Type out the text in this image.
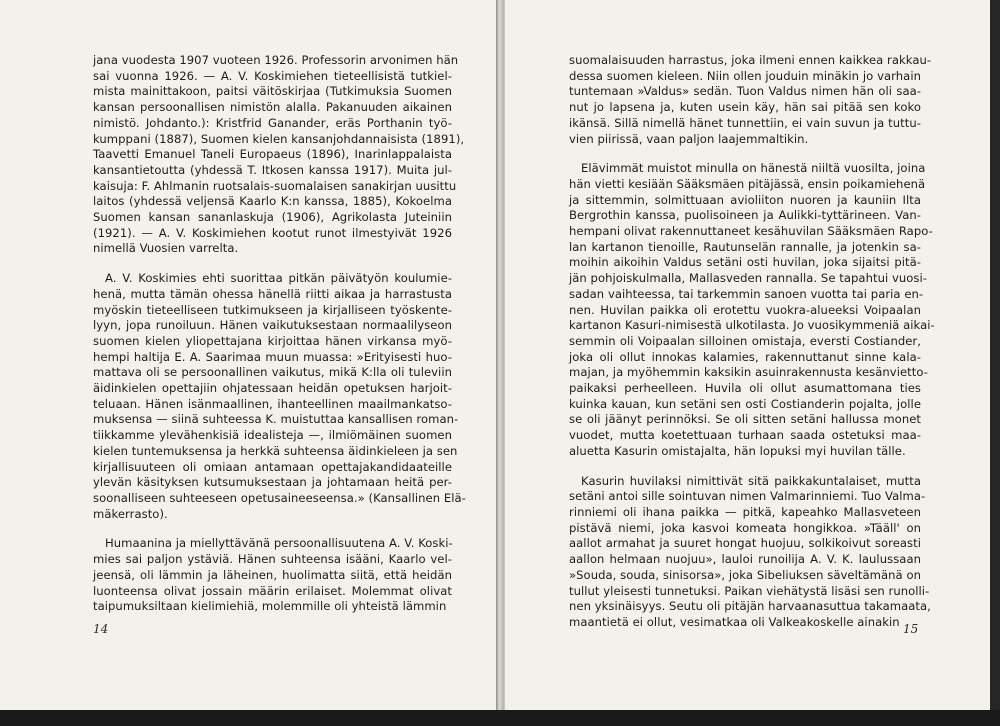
jana vuodesta 1907 vuoteen 1926. Professorin arvonimen hän
sai vuonna 1926. — A. V. Koskimiehen tieteellisistä tutkiel-
mista mainittakoon, paitsi väitöskirjaa (Tutkimuksia Suomen
kansan persoonallisen nimistön alalla. Pakanuuden aikainen
nimistö. Johdanto.): Kristfrid Ganander, eräs Porthanin työ-
kumppani (1887), Suomen kielen kansanjohdannaisista (1891),
Taavetti Emanuel Taneli Europaeus (1896), Inarinlappalaista
kansantietoutta (yhdessä T. Itkosen kanssa 1917). Muita jul-
kaisuja: F. Ahlmanin ruotsalais-suomalaisen sanakirjan uusittu
laitos (yhdessä veljensä Kaarlo K:n kanssa, 1885), Kokoelma
Suomen kansan sananlaskuja (1906), Agrikolasta Juteiniin
(1921). — A. V. Koskimiehen kootut runot ilmestyivät 1926
nimellä Vuosien varrelta.
A. V. Koskimies ehti suorittaa pitkän päivätyön koulumie-
henä, mutta tämän ohessa hänellä riitti aikaa ja harrastusta
myöskin tieteelliseen tutkimukseen ja kirjalliseen työskente-
lyyn, jopa runoiluun. Hänen vaikutuksestaan normaalilyseon
suomen kielen yliopettajana kirjoittaa hänen virkansa myö-
hempi haltija E. A. Saarimaa muun muassa: »Erityisesti huo-
mattava oli se persoonallinen vaikutus, mikä K:lla oli tuleviin
äidinkielen opettajiin ohjatessaan heidän opetuksen harjoit-
teluaan. Hänen isänmaallinen, ihanteellinen maailmankatso-
muksensa — siinä suhteessa K. muistuttaa kansallisen roman-
tiikkamme ylevähenkisiä idealisteja —, ilmiömäinen suomen
kielen tuntemuksensa ja herkkä suhteensa äidinkieleen ja sen
kirjallisuuteen oli omiaan antamaan opettajakandidaateille
ylevän käsityksen kutsumuksestaan ja johtamaan heitä per-
soonalliseen suhteeseen opetusaineeseensa.» (Kansallinen Elä-
mäkerrasto).
Humaanina ja miellyttävänä persoonallisuutena A. V. Koski-
mies sai paljon ystäviä. Hänen suhteensa isääni, Kaarlo vel-
jeensä, oli lämmin ja läheinen, huolimatta siitä, että heidän
luonteensa olivat jossain määrin erilaiset. Molemmat olivat
taipumuksiltaan kielimiehiä, molemmille oli yhteistä lämmin
14
suomalaisuuden harrastus, joka ilmeni ennen kaikkea rakkau-
dessa suomen kieleen. Niin ollen jouduin minäkin jo varhain
tuntemaan »Valdus» sedän. Tuon Valdus nimen hän oli saa-
nut jo lapsena ja, kuten usein käy, hän sai pitää sen koko
ikänsä. Sillä nimellä hänet tunnettiin, ei vain suvun ja tuttu-
vien piirissä, vaan paljon laajemmaltikin.
Elävimmät muistot minulla on hänestä niiltä vuosilta, joina
hän vietti kesiään Sääksmäen pitäjässä, ensin poikamiehenä
ja sittemmin, solmittuaan avioliiton nuoren ja kauniin Ilta
Bergrothin kanssa, puolisoineen ja Aulikki-tyttärineen. Van-
hempani olivat rakennuttaneet kesähuvilan Sääksmäen Rapo-
lan kartanon tienoille, Rautunselän rannalle, ja jotenkin sa-
moihin aikoihin Valdus setäni osti huvilan, joka sijaitsi pitä-
jän pohjoiskulmalla, Mallasveden rannalla. Se tapahtui vuosi-
sadan vaihteessa, tai tarkemmin sanoen vuotta tai paria en-
nen. Huvilan paikka oli erotettu vuokra-alueeksi Voipaalan
kartanon Kasuri-nimisestä ulkotilasta. Jo vuosikymmeniä aikai-
semmin oli Voipaalan silloinen omistaja, eversti Costiander,
joka oli ollut innokas kalamies, rakennuttanut sinne kala-
majan, ja myöhemmin kaksikin asuinrakennusta kesänvietto-
paikaksi perheelleen. Huvila oli ollut asumattomana ties
kuinka kauan, kun setäni sen osti Costianderin pojalta, jolle
se oli jäänyt perinnöksi. Se oli sitten setäni hallussa monet
vuodet, mutta koetettuaan turhaan saada ostetuksi maa-
aluetta Kasurin omistajalta, hän lopuksi myi huvilan tälle.
Kasurin huvilaksi nimittivät sitä paikkakuntalaiset, mutta
setäni antoi sille sointuvan nimen Valmarinniemi. Tuo Valma-
rinniemi oli ihana paikka — pitkä, kapeahko Mallasveteen
pistävä niemi, joka kasvoi komeata hongikkoa. »Tääll' on
aallot armahat ja suuret hongat huojuu, solkikoivut soreasti
aallon helmaan nuojuu», lauloi runoilija A. V. K. laulussaan
»Souda, souda, sinisorsa», joka Sibeliuksen säveltämänä on
tullut yleisesti tunnetuksi. Paikan viehätystä lisäsi sen runolli-
nen yksinäisyys. Seutu oli pitäjän harvaanasuttua takamaata,
maantietä ei ollut, vesimatkaa oli Valkeakoskelle ainakin
15
